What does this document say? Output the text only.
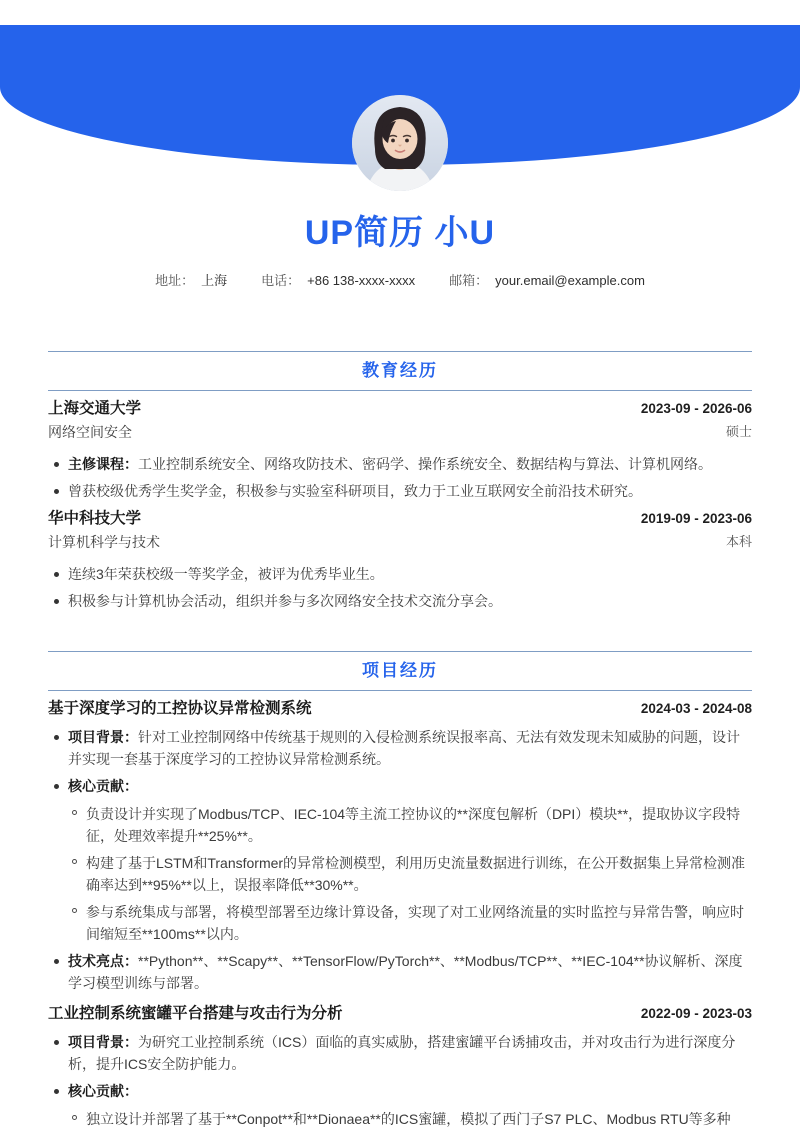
UP简历 小U
地址： 上海	电话： +86 138-xxxx-xxxx	邮箱： your.email@example.com
教育经历
上海交通大学	2023-09 - 2026-06
网络空间安全	硕士

主修课程：工业控制系统安全、网络攻防技术、密码学、操作系统安全、数据结构与算法、计算机网络。

曾获校级优秀学生奖学金，积极参与实验室科研项目，致力于工业互联网安全前沿技术研究。

华中科技大学	2019-09 - 2023-06
计算机科学与技术	本科

连续3年荣获校级一等奖学金，被评为优秀毕业生。

积极参与计算机协会活动，组织并参与多次网络安全技术交流分享会。

项目经历
基于深度学习的工控协议异常检测系统	2024-03 - 2024-08

项目背景：针对工业控制网络中传统基于规则的入侵检测系统误报率高、无法有效发现未知威胁的问题，设计并实现一套基于深度学习的工控协议异常检测系统。

核心贡献：

负责设计并实现了Modbus/TCP、IEC-104等主流工控协议的**深度包解析（DPI）模块**，提取协议字段特征，处理效率提升**25%**。

构建了基于LSTM和Transformer的异常检测模型，利用历史流量数据进行训练，在公开数据集上异常检测准确率达到**95%**以上，误报率降低**30%**。

参与系统集成与部署，将模型部署至边缘计算设备，实现了对工业网络流量的实时监控与异常告警，响应时间缩短至**100ms**以内。

技术亮点：**Python**、**Scapy**、**TensorFlow/PyTorch**、**Modbus/TCP**、**IEC-104**协议解析、深度学习模型训练与部署。

工业控制系统蜜罐平台搭建与攻击行为分析	2022-09 - 2023-03

项目背景：为研究工业控制系统（ICS）面临的真实威胁，搭建蜜罐平台诱捕攻击，并对攻击行为进行深度分析，提升ICS安全防护能力。

核心贡献：

独立设计并部署了基于**Conpot**和**Dionaea**的ICS蜜罐，模拟了西门子S7 PLC、Modbus RTU等多种
